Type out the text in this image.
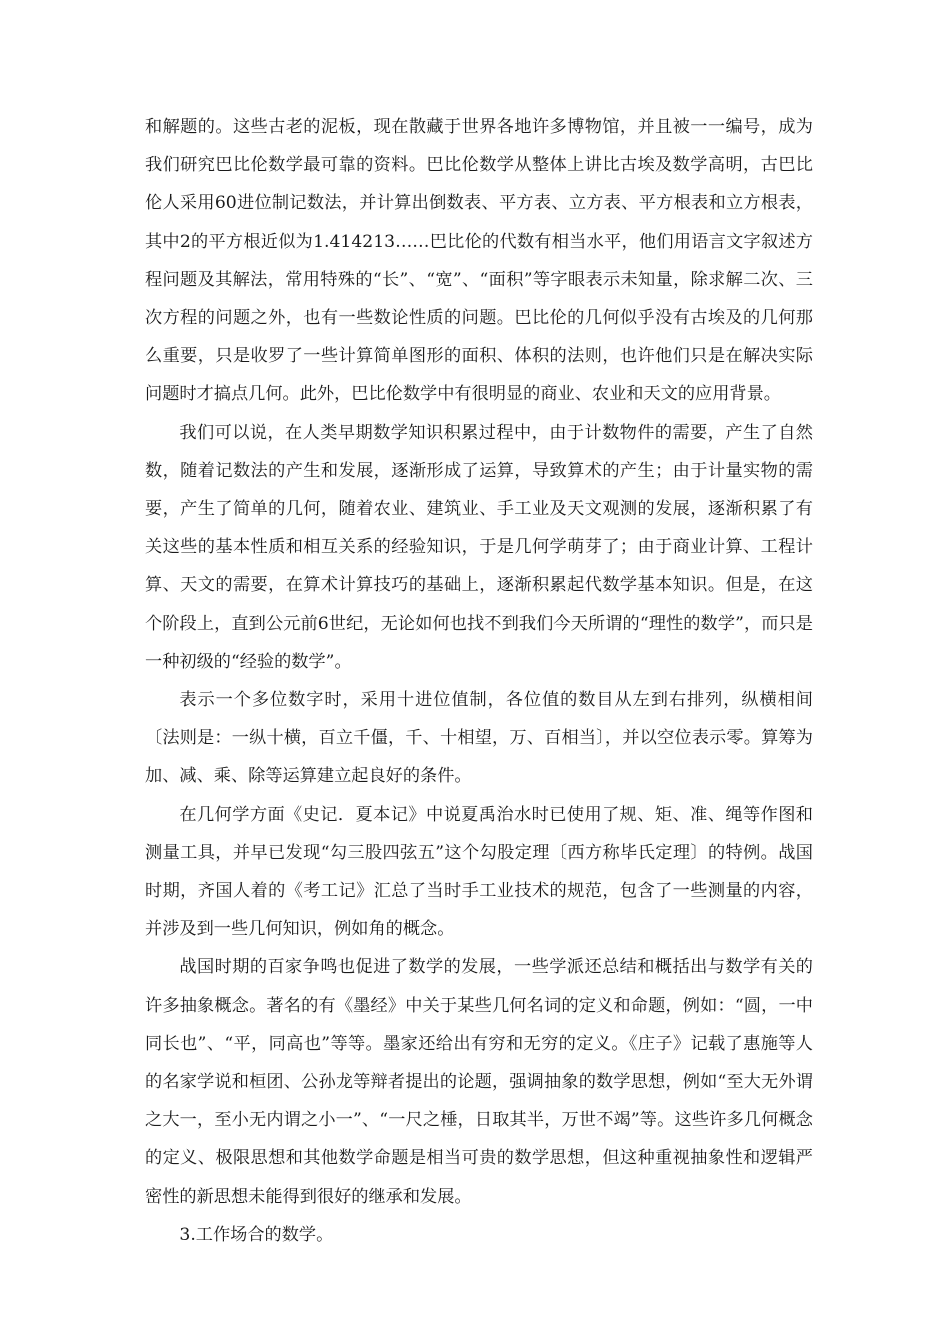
和解题的。这些古老的泥板，现在散藏于世界各地许多博物馆，并且被一一编号，成为我们研究巴比伦数学最可靠的资料。巴比伦数学从整体上讲比古埃及数学高明，古巴比伦人采用60进位制记数法，并计算出倒数表、平方表、立方表、平方根表和立方根表，其中2的平方根近似为1.414213……巴比伦的代数有相当水平，他们用语言文字叙述方程问题及其解法，常用特殊的“长”、“宽”、“面积”等字眼表示未知量，除求解二次、三次方程的问题之外，也有一些数论性质的问题。巴比伦的几何似乎没有古埃及的几何那么重要，只是收罗了一些计算简单图形的面积、体积的法则，也许他们只是在解决实际问题时才搞点几何。此外，巴比伦数学中有很明显的商业、农业和天文的应用背景。

我们可以说，在人类早期数学知识积累过程中，由于计数物件的需要，产生了自然数，随着记数法的产生和发展，逐渐形成了运算，导致算术的产生；由于计量实物的需要，产生了简单的几何，随着农业、建筑业、手工业及天文观测的发展，逐渐积累了有关这些的基本性质和相互关系的经验知识，于是几何学萌芽了；由于商业计算、工程计算、天文的需要，在算术计算技巧的基础上，逐渐积累起代数学基本知识。但是，在这个阶段上，直到公元前6世纪，无论如何也找不到我们今天所谓的“理性的数学”，而只是一种初级的“经验的数学”。

表示一个多位数字时，采用十进位值制，各位值的数目从左到右排列，纵横相间〔法则是：一纵十横，百立千僵，千、十相望，万、百相当〕，并以空位表示零。算筹为加、减、乘、除等运算建立起良好的条件。

在几何学方面《史记．夏本记》中说夏禹治水时已使用了规、矩、准、绳等作图和测量工具，并早已发现“勾三股四弦五”这个勾股定理〔西方称毕氏定理〕的特例。战国时期，齐国人着的《考工记》汇总了当时手工业技术的规范，包含了一些测量的内容，并涉及到一些几何知识，例如角的概念。

战国时期的百家争鸣也促进了数学的发展，一些学派还总结和概括出与数学有关的许多抽象概念。著名的有《墨经》中关于某些几何名词的定义和命题，例如：“圆，一中同长也”、“平，同高也”等等。墨家还给出有穷和无穷的定义。《庄子》记载了惠施等人的名家学说和桓团、公孙龙等辩者提出的论题，强调抽象的数学思想，例如“至大无外谓之大一，至小无内谓之小一”、“一尺之棰，日取其半，万世不竭”等。这些许多几何概念的定义、极限思想和其他数学命题是相当可贵的数学思想，但这种重视抽象性和逻辑严密性的新思想未能得到很好的继承和发展。

3.工作场合的数学。
